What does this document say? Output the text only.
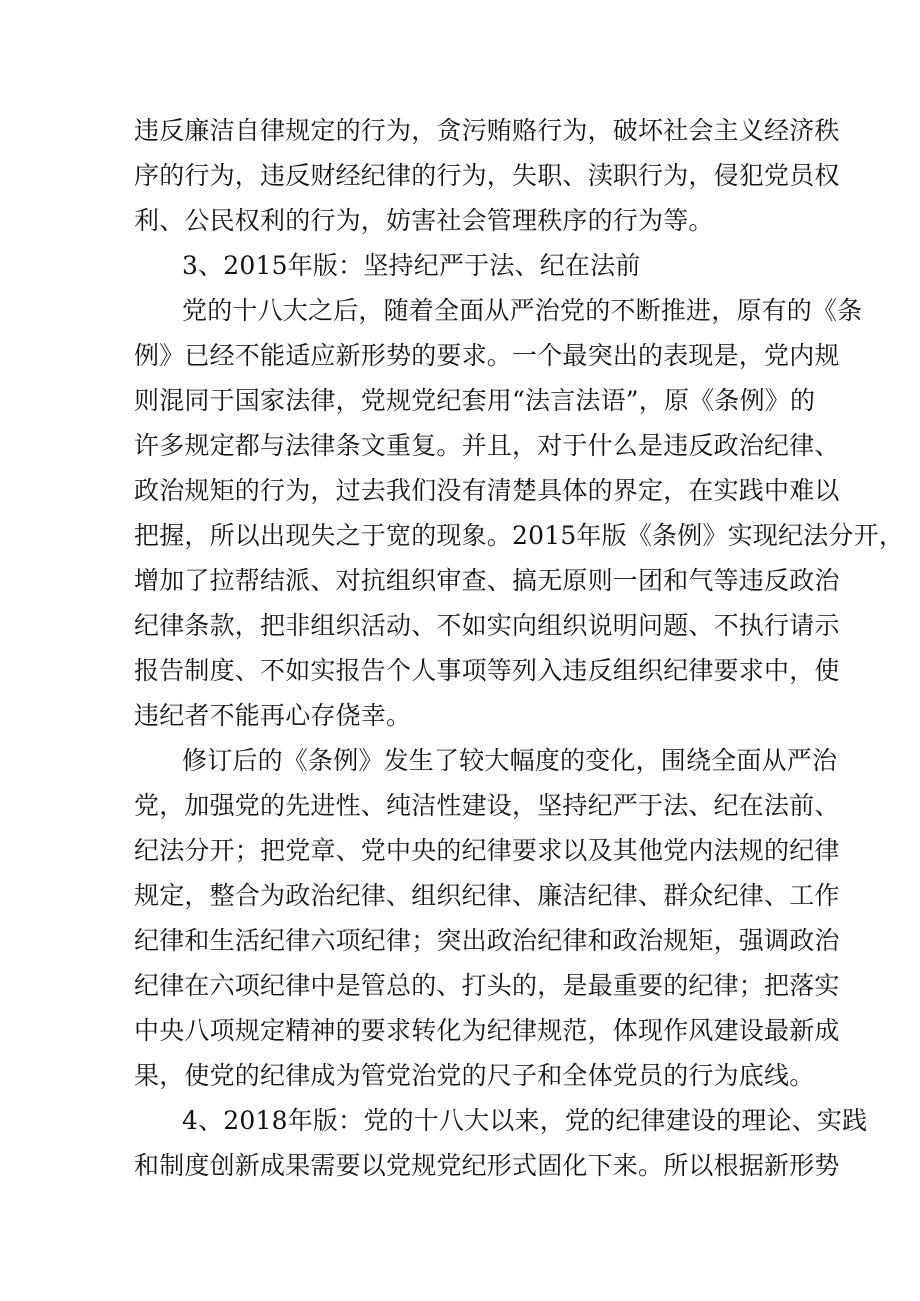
违反廉洁自律规定的行为，贪污贿赂行为，破坏社会主义经济秩
序的行为，违反财经纪律的行为，失职、渎职行为，侵犯党员权
利、公民权利的行为，妨害社会管理秩序的行为等。
3、2015年版：坚持纪严于法、纪在法前
党的十八大之后，随着全面从严治党的不断推进，原有的《条
例》已经不能适应新形势的要求。一个最突出的表现是，党内规
则混同于国家法律，党规党纪套用“法言法语”，原《条例》的
许多规定都与法律条文重复。并且，对于什么是违反政治纪律、
政治规矩的行为，过去我们没有清楚具体的界定，在实践中难以
把握，所以出现失之于宽的现象。2015年版《条例》实现纪法分开，
增加了拉帮结派、对抗组织审查、搞无原则一团和气等违反政治
纪律条款，把非组织活动、不如实向组织说明问题、不执行请示
报告制度、不如实报告个人事项等列入违反组织纪律要求中，使
违纪者不能再心存侥幸。
修订后的《条例》发生了较大幅度的变化，围绕全面从严治
党，加强党的先进性、纯洁性建设，坚持纪严于法、纪在法前、
纪法分开；把党章、党中央的纪律要求以及其他党内法规的纪律
规定，整合为政治纪律、组织纪律、廉洁纪律、群众纪律、工作
纪律和生活纪律六项纪律；突出政治纪律和政治规矩，强调政治
纪律在六项纪律中是管总的、打头的，是最重要的纪律；把落实
中央八项规定精神的要求转化为纪律规范，体现作风建设最新成
果，使党的纪律成为管党治党的尺子和全体党员的行为底线。
4、2018年版：党的十八大以来，党的纪律建设的理论、实践
和制度创新成果需要以党规党纪形式固化下来。所以根据新形势
